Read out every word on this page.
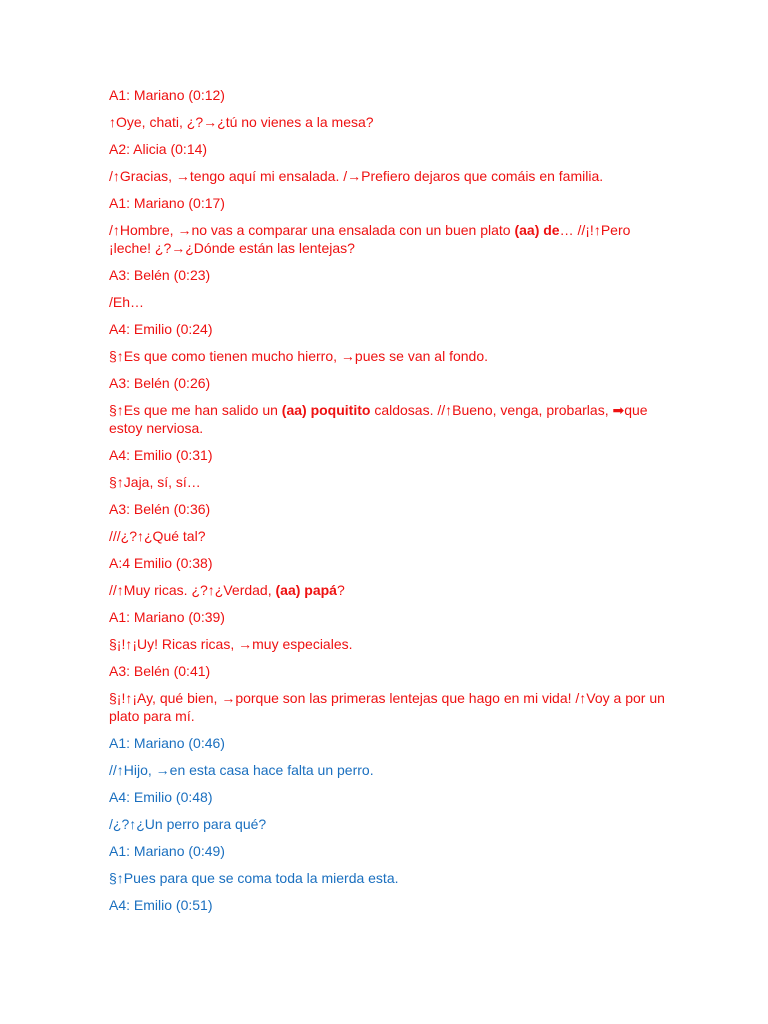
A1: Mariano (0:12)
↑Oye, chati, ¿?→¿tú no vienes a la mesa?
A2: Alicia (0:14)
/↑Gracias, →tengo aquí mi ensalada. /→Prefiero dejaros que comáis en familia.
A1: Mariano (0:17)
/↑Hombre, →no vas a comparar una ensalada con un buen plato (aa) de… //¡!↑Pero ¡leche! ¿?→¿Dónde están las lentejas?
A3: Belén (0:23)
/Eh…
A4: Emilio (0:24)
§↑Es que como tienen mucho hierro, →pues se van al fondo.
A3: Belén (0:26)
§↑Es que me han salido un (aa) poquitito caldosas. //↑Bueno, venga, probarlas, ➡que estoy nerviosa.
A4: Emilio (0:31)
§↑Jaja, sí, sí…
A3: Belén (0:36)
///¿?↑¿Qué tal?
A:4 Emilio (0:38)
//↑Muy ricas. ¿?↑¿Verdad, (aa) papá?
A1: Mariano (0:39)
§¡!↑¡Uy! Ricas ricas, →muy especiales.
A3: Belén (0:41)
§¡!↑¡Ay, qué bien, →porque son las primeras lentejas que hago en mi vida! /↑Voy a por un plato para mí.
A1: Mariano (0:46)
//↑Hijo, →en esta casa hace falta un perro.
A4: Emilio (0:48)
/¿?↑¿Un perro para qué?
A1: Mariano (0:49)
§↑Pues para que se coma toda la mierda esta.
A4: Emilio (0:51)
